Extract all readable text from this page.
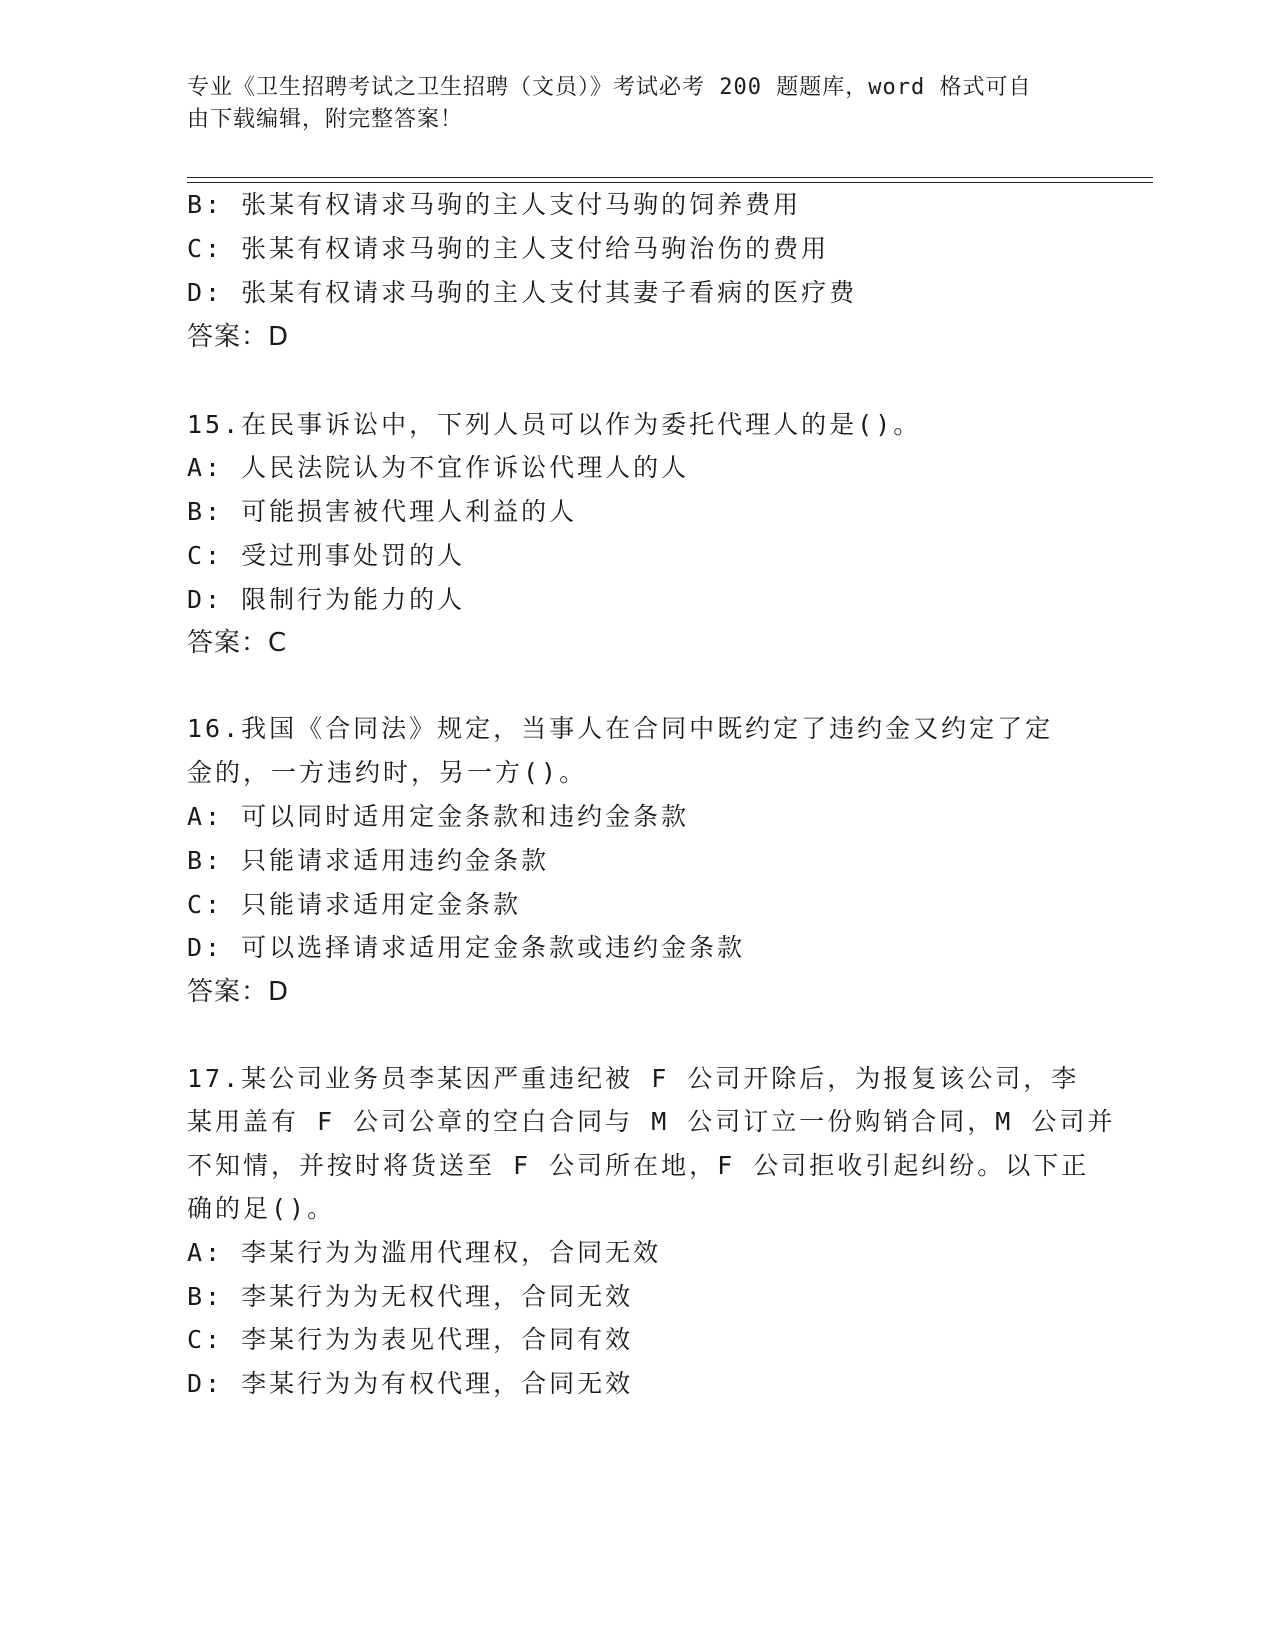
专业《卫生招聘考试之卫生招聘（文员）》考试必考 200 题题库，word 格式可自
由下载编辑，附完整答案！
B: 张某有权请求马驹的主人支付马驹的饲养费用
C: 张某有权请求马驹的主人支付给马驹治伤的费用
D: 张某有权请求马驹的主人支付其妻子看病的医疗费
答案：D
15.在民事诉讼中，下列人员可以作为委托代理人的是()。
A: 人民法院认为不宜作诉讼代理人的人
B: 可能损害被代理人利益的人
C: 受过刑事处罚的人
D: 限制行为能力的人
答案：C
16.我国《合同法》规定，当事人在合同中既约定了违约金又约定了定
金的，一方违约时，另一方()。
A: 可以同时适用定金条款和违约金条款
B: 只能请求适用违约金条款
C: 只能请求适用定金条款
D: 可以选择请求适用定金条款或违约金条款
答案：D
17.某公司业务员李某因严重违纪被 F 公司开除后，为报复该公司，李
某用盖有 F 公司公章的空白合同与 M 公司订立一份购销合同，M 公司并
不知情，并按时将货送至 F 公司所在地，F 公司拒收引起纠纷。以下正
确的足()。
A: 李某行为为滥用代理权，合同无效
B: 李某行为为无权代理，合同无效
C: 李某行为为表见代理，合同有效
D: 李某行为为有权代理，合同无效
